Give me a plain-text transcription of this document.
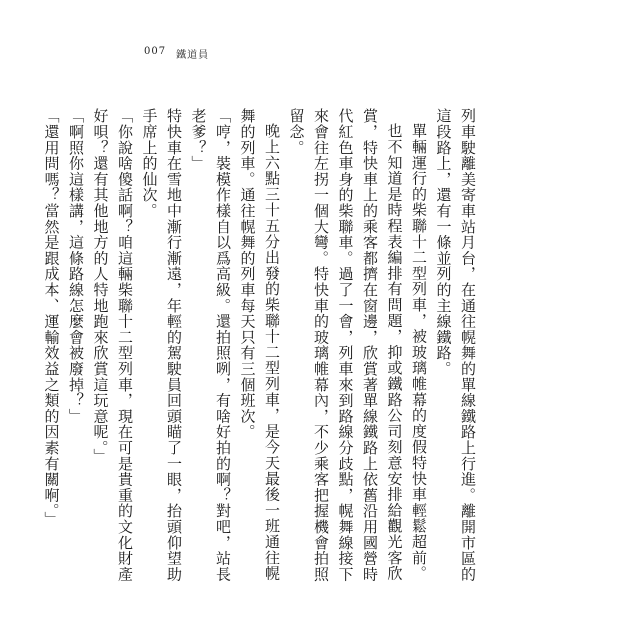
007 鐵道員

列車駛離美寄車站月台，在通往幌舞的單線鐵路上行進。離開市區的這段路上，還有一條並列的主線鐵路。

單輛運行的柴聯十二型列車，被玻璃帷幕的度假特快車輕鬆超前。

也不知道是時程表編排有問題，抑或鐵路公司刻意安排給觀光客欣賞，特快車上的乘客都擠在窗邊，欣賞著單線鐵路上依舊沿用國營時代紅色車身的柴聯車。過了一會，列車來到路線分歧點，幌舞線接下來會往左拐一個大彎。特快車的玻璃帷幕內，不少乘客把握機會拍照留念。

晚上六點三十五分出發的柴聯十二型列車，是今天最後一班通往幌舞的列車。通往幌舞的列車每天只有三個班次。

「哼，裝模作樣自以爲高級。還拍照咧，有啥好拍的啊？對吧，站長老爹？」

特快車在雪地中漸行漸遠，年輕的駕駛員回頭瞄了一眼，抬頭仰望助手席上的仙次。

「你說啥傻話啊？咱這輛柴聯十二型列車，現在可是貴重的文化財產好唄？還有其他地方的人特地跑來欣賞這玩意呢。」

「啊照你這樣講，這條路線怎麼會被廢掉？」

「還用問嗎？當然是跟成本、運輸效益之類的因素有關哬。」
